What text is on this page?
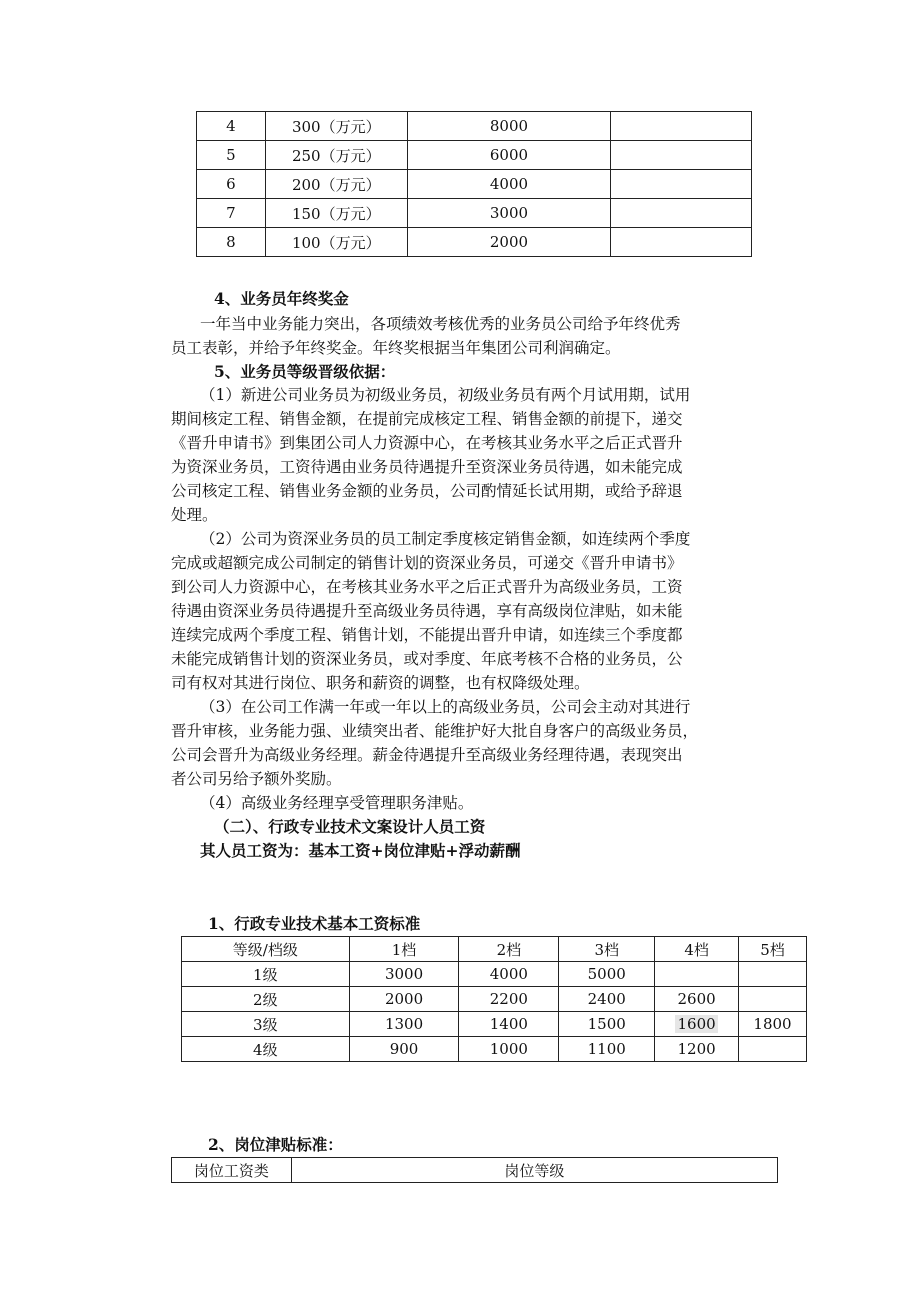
4	300（万元）	8000	
5	250（万元）	6000	
6	200（万元）	4000	
7	150（万元）	3000	
8	100（万元）	2000	
4、业务员年终奖金
一年当中业务能力突出，各项绩效考核优秀的业务员公司给予年终优秀
员工表彰，并给予年终奖金。年终奖根据当年集团公司利润确定。
5、业务员等级晋级依据：
（1）新进公司业务员为初级业务员，初级业务员有两个月试用期，试用
期间核定工程、销售金额，在提前完成核定工程、销售金额的前提下，递交
《晋升申请书》到集团公司人力资源中心，在考核其业务水平之后正式晋升
为资深业务员，工资待遇由业务员待遇提升至资深业务员待遇，如未能完成
公司核定工程、销售业务金额的业务员，公司酌情延长试用期，或给予辞退
处理。
（2）公司为资深业务员的员工制定季度核定销售金额，如连续两个季度
完成或超额完成公司制定的销售计划的资深业务员，可递交《晋升申请书》
到公司人力资源中心，在考核其业务水平之后正式晋升为高级业务员，工资
待遇由资深业务员待遇提升至高级业务员待遇，享有高级岗位津贴，如未能
连续完成两个季度工程、销售计划，不能提出晋升申请，如连续三个季度都
未能完成销售计划的资深业务员，或对季度、年底考核不合格的业务员，公
司有权对其进行岗位、职务和薪资的调整，也有权降级处理。
（3）在公司工作满一年或一年以上的高级业务员，公司会主动对其进行
晋升审核，业务能力强、业绩突出者、能维护好大批自身客户的高级业务员，
公司会晋升为高级业务经理。薪金待遇提升至高级业务经理待遇，表现突出
者公司另给予额外奖励。
（4）高级业务经理享受管理职务津贴。
（二）、行政专业技术文案设计人员工资
其人员工资为：基本工资+岗位津贴+浮动薪酬
1、行政专业技术基本工资标准
等级/档级	1档	2档	3档	4档	5档
1级	3000	4000	5000		
2级	2000	2200	2400	2600	
3级	1300	1400	1500	1600	1800
4级	900	1000	1100	1200	
2、岗位津贴标准：
岗位工资类	岗位等级
